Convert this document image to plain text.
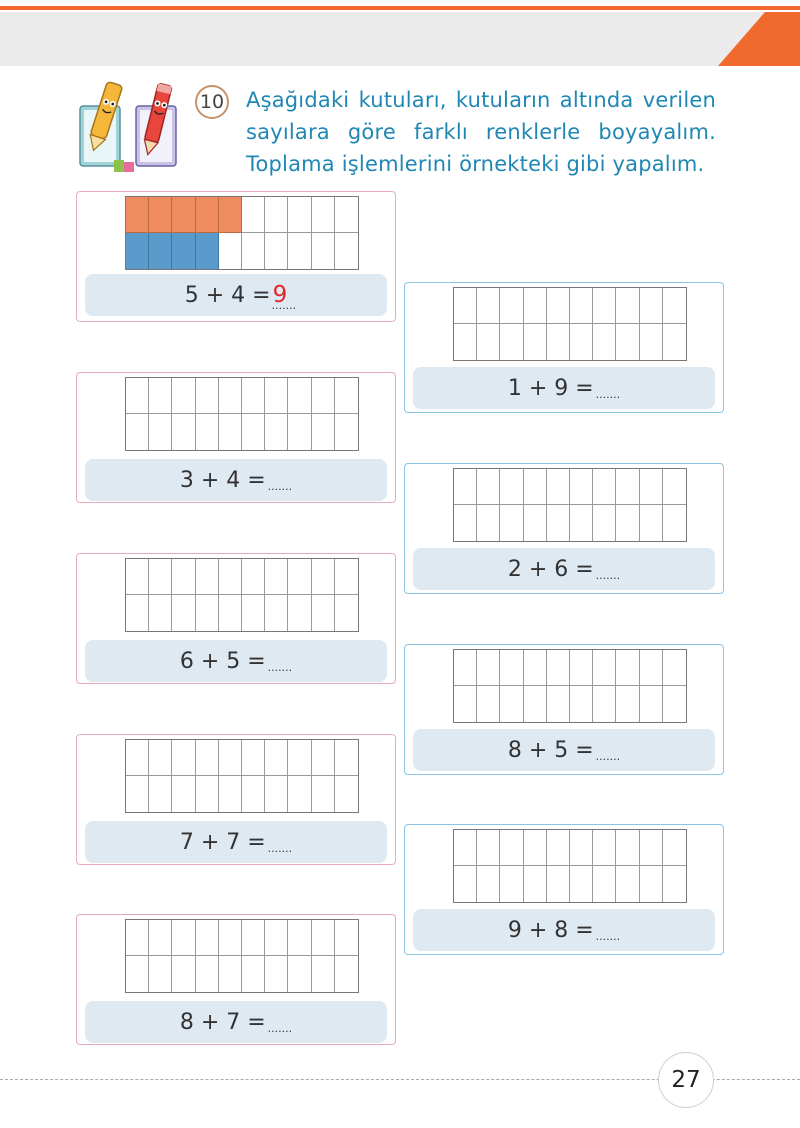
10 Aşağıdaki kutuları, kutuların altında verilen
sayılara göre farklı renklerle boyayalım.
Toplama işlemlerini örnekteki gibi yapalım.
5 + 4 = 9 .......
3 + 4 = .......
6 + 5 = .......
7 + 7 = .......
8 + 7 = .......
1 + 9 = .......
2 + 6 = .......
8 + 5 = .......
9 + 8 = .......
27
